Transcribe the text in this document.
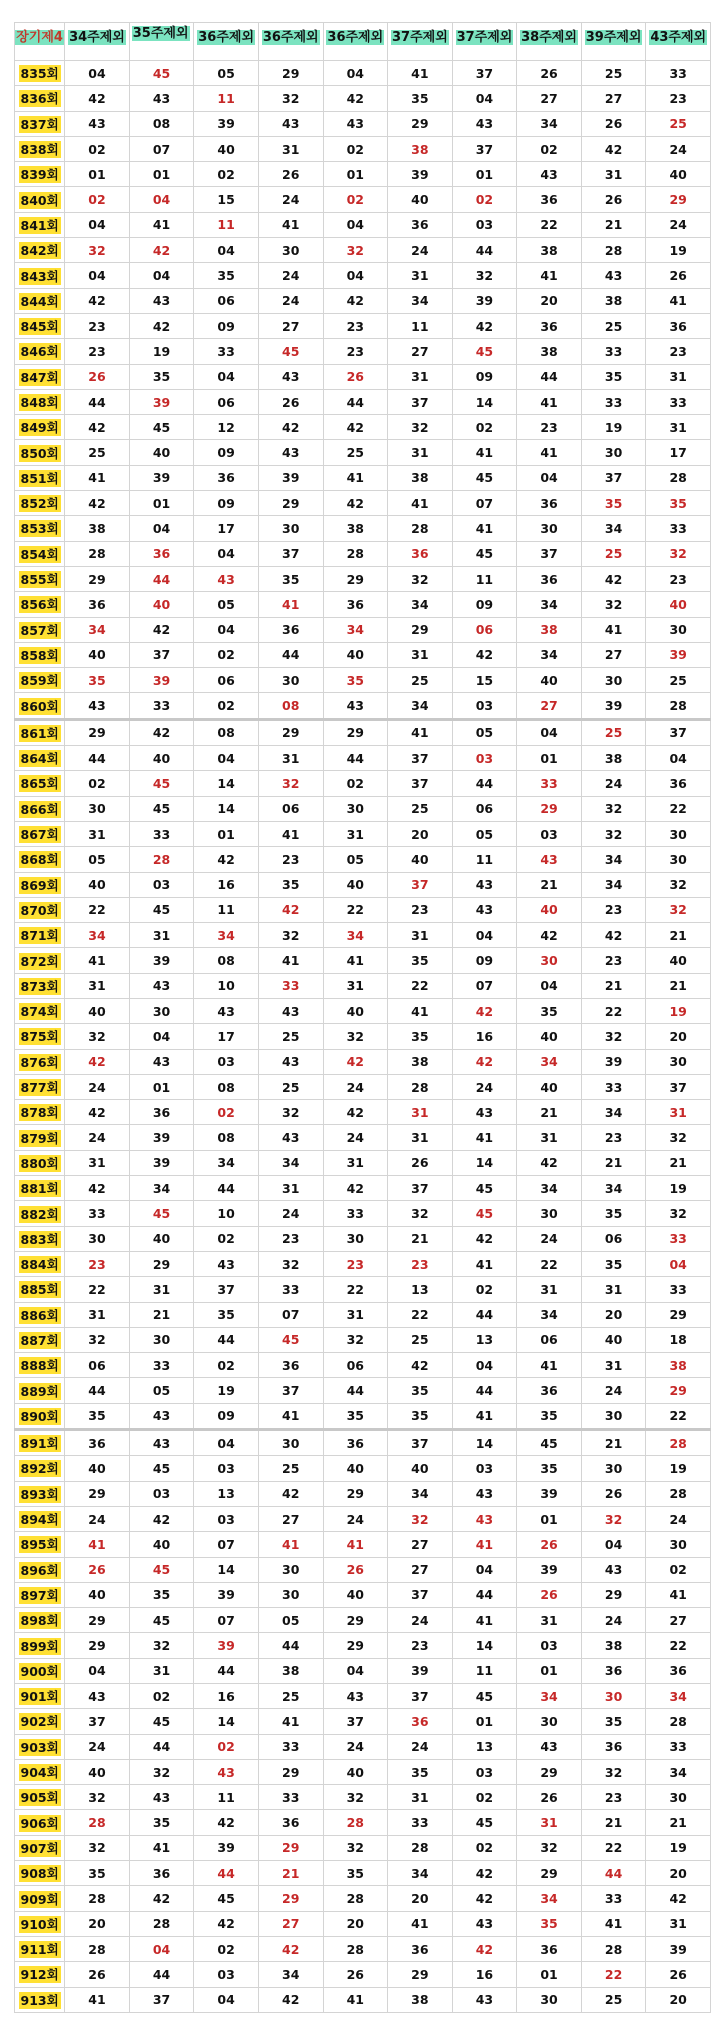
장기제4	34주제외	35주제외	36주제외	36주제외	36주제외	37주제외	37주제외	38주제외	39주제외	43주제외
835회	04	45	05	29	04	41	37	26	25	33
836회	42	43	11	32	42	35	04	27	27	23
837회	43	08	39	43	43	29	43	34	26	25
838회	02	07	40	31	02	38	37	02	42	24
839회	01	01	02	26	01	39	01	43	31	40
840회	02	04	15	24	02	40	02	36	26	29
841회	04	41	11	41	04	36	03	22	21	24
842회	32	42	04	30	32	24	44	38	28	19
843회	04	04	35	24	04	31	32	41	43	26
844회	42	43	06	24	42	34	39	20	38	41
845회	23	42	09	27	23	11	42	36	25	36
846회	23	19	33	45	23	27	45	38	33	23
847회	26	35	04	43	26	31	09	44	35	31
848회	44	39	06	26	44	37	14	41	33	33
849회	42	45	12	42	42	32	02	23	19	31
850회	25	40	09	43	25	31	41	41	30	17
851회	41	39	36	39	41	38	45	04	37	28
852회	42	01	09	29	42	41	07	36	35	35
853회	38	04	17	30	38	28	41	30	34	33
854회	28	36	04	37	28	36	45	37	25	32
855회	29	44	43	35	29	32	11	36	42	23
856회	36	40	05	41	36	34	09	34	32	40
857회	34	42	04	36	34	29	06	38	41	30
858회	40	37	02	44	40	31	42	34	27	39
859회	35	39	06	30	35	25	15	40	30	25
860회	43	33	02	08	43	34	03	27	39	28
861회	29	42	08	29	29	41	05	04	25	37
864회	44	40	04	31	44	37	03	01	38	04
865회	02	45	14	32	02	37	44	33	24	36
866회	30	45	14	06	30	25	06	29	32	22
867회	31	33	01	41	31	20	05	03	32	30
868회	05	28	42	23	05	40	11	43	34	30
869회	40	03	16	35	40	37	43	21	34	32
870회	22	45	11	42	22	23	43	40	23	32
871회	34	31	34	32	34	31	04	42	42	21
872회	41	39	08	41	41	35	09	30	23	40
873회	31	43	10	33	31	22	07	04	21	21
874회	40	30	43	43	40	41	42	35	22	19
875회	32	04	17	25	32	35	16	40	32	20
876회	42	43	03	43	42	38	42	34	39	30
877회	24	01	08	25	24	28	24	40	33	37
878회	42	36	02	32	42	31	43	21	34	31
879회	24	39	08	43	24	31	41	31	23	32
880회	31	39	34	34	31	26	14	42	21	21
881회	42	34	44	31	42	37	45	34	34	19
882회	33	45	10	24	33	32	45	30	35	32
883회	30	40	02	23	30	21	42	24	06	33
884회	23	29	43	32	23	23	41	22	35	04
885회	22	31	37	33	22	13	02	31	31	33
886회	31	21	35	07	31	22	44	34	20	29
887회	32	30	44	45	32	25	13	06	40	18
888회	06	33	02	36	06	42	04	41	31	38
889회	44	05	19	37	44	35	44	36	24	29
890회	35	43	09	41	35	35	41	35	30	22
891회	36	43	04	30	36	37	14	45	21	28
892회	40	45	03	25	40	40	03	35	30	19
893회	29	03	13	42	29	34	43	39	26	28
894회	24	42	03	27	24	32	43	01	32	24
895회	41	40	07	41	41	27	41	26	04	30
896회	26	45	14	30	26	27	04	39	43	02
897회	40	35	39	30	40	37	44	26	29	41
898회	29	45	07	05	29	24	41	31	24	27
899회	29	32	39	44	29	23	14	03	38	22
900회	04	31	44	38	04	39	11	01	36	36
901회	43	02	16	25	43	37	45	34	30	34
902회	37	45	14	41	37	36	01	30	35	28
903회	24	44	02	33	24	24	13	43	36	33
904회	40	32	43	29	40	35	03	29	32	34
905회	32	43	11	33	32	31	02	26	23	30
906회	28	35	42	36	28	33	45	31	21	21
907회	32	41	39	29	32	28	02	32	22	19
908회	35	36	44	21	35	34	42	29	44	20
909회	28	42	45	29	28	20	42	34	33	42
910회	20	28	42	27	20	41	43	35	41	31
911회	28	04	02	42	28	36	42	36	28	39
912회	26	44	03	34	26	29	16	01	22	26
913회	41	37	04	42	41	38	43	30	25	20
